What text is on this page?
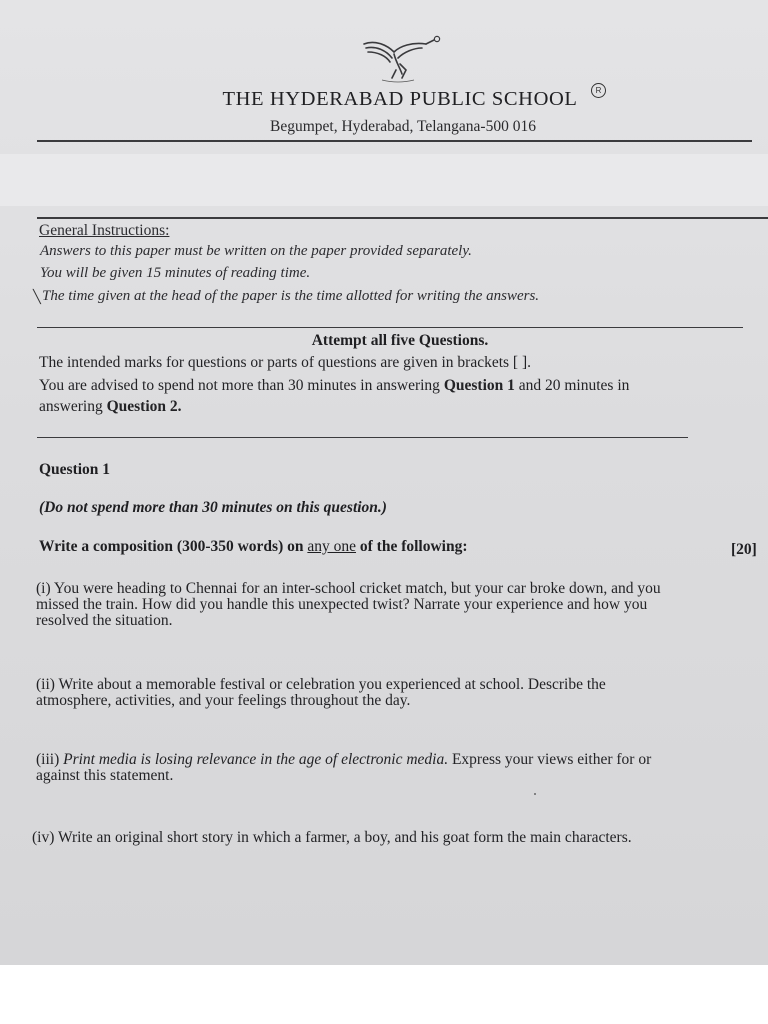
THE HYDERABAD PUBLIC SCHOOL	R
Begumpet, Hyderabad, Telangana-500 016
General Instructions:
Answers to this paper must be written on the paper provided separately.
You will be given 15 minutes of reading time.
╲ The time given at the head of the paper is the time allotted for writing the answers.
Attempt all five Questions.
The intended marks for questions or parts of questions are given in brackets [ ].
You are advised to spend not more than 30 minutes in answering Question 1 and 20 minutes in
answering Question 2.
Question 1
(Do not spend more than 30 minutes on this question.)
Write a composition (300-350 words) on any one of the following:	[20]
(i) You were heading to Chennai for an inter-school cricket match, but your car broke down, and you
missed the train. How did you handle this unexpected twist? Narrate your experience and how you
resolved the situation.
(ii) Write about a memorable festival or celebration you experienced at school. Describe the
atmosphere, activities, and your feelings throughout the day.
(iii) Print media is losing relevance in the age of electronic media. Express your views either for or
against this statement.
(iv) Write an original short story in which a farmer, a boy, and his goat form the main characters.
